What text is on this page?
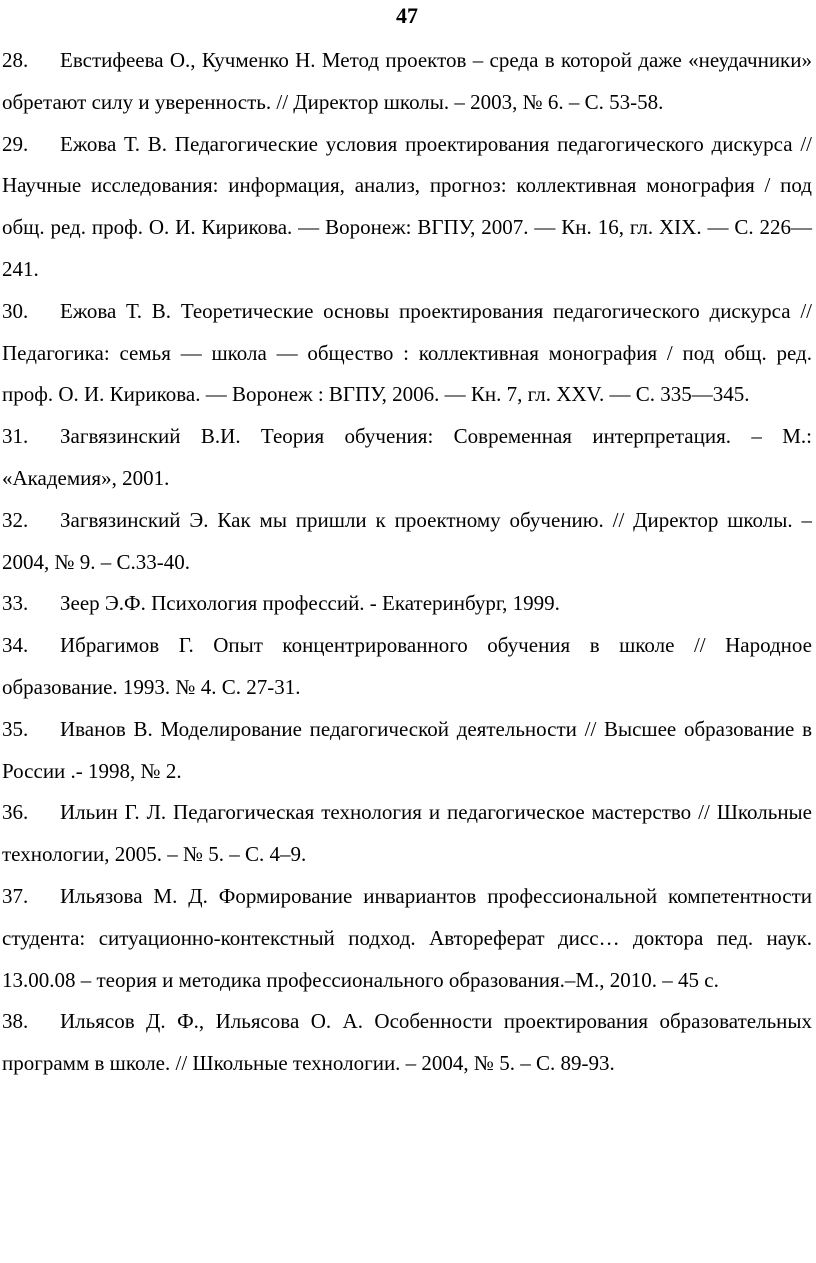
47

28. Евстифеева О., Кучменко Н. Метод проектов – среда в которой даже «неудачники» обретают силу и уверенность. // Директор школы. – 2003, № 6. – С. 53-58.
29. Ежова Т. В. Педагогические условия проектирования педагогического дискурса // Научные исследования: информация, анализ, прогноз: коллективная монография / под общ. ред. проф. О. И. Кирикова. — Воронеж: ВГПУ, 2007. — Кн. 16, гл. XIX. — С. 226—241.
30. Ежова Т. В. Теоретические основы проектирования педагогического дискурса // Педагогика: семья — школа — общество : коллективная монография / под общ. ред. проф. О. И. Кирикова. — Воронеж : ВГПУ, 2006. — Кн. 7, гл. XXV. — С. 335—345.
31. Загвязинский В.И. Теория обучения: Современная интерпретация. – М.: «Академия», 2001.
32. Загвязинский Э. Как мы пришли к проектному обучению. // Директор школы. – 2004, № 9. – С.33-40.
33. Зеер Э.Ф. Психология профессий. - Екатеринбург, 1999.
34. Ибрагимов Г. Опыт концентрированного обучения в школе // Народное образование. 1993. № 4. С. 27-31.
35. Иванов В. Моделирование педагогической деятельности // Высшее образование в России .- 1998, № 2.
36. Ильин Г. Л. Педагогическая технология и педагогическое мастерство // Школьные технологии, 2005. – № 5. – С. 4–9.
37. Ильязова М. Д. Формирование инвариантов профессиональной компетентности студента: ситуационно-контекстный подход. Автореферат дисс… доктора пед. наук. 13.00.08 – теория и методика профессионального образования.–М., 2010. – 45 с.
38. Ильясов Д. Ф., Ильясова О. А. Особенности проектирования образовательных программ в школе. // Школьные технологии. – 2004, № 5. – С. 89-93.
